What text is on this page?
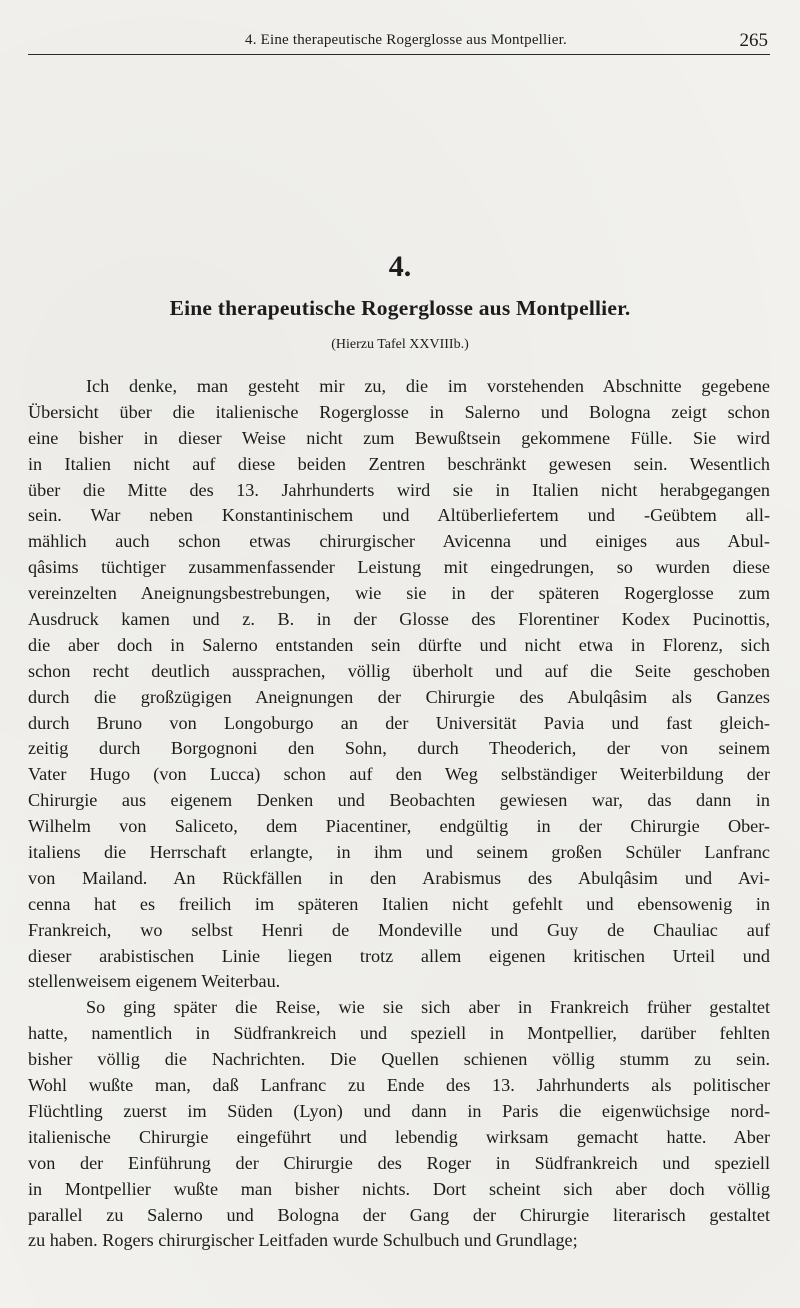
4. Eine therapeutische Rogerglosse aus Montpellier.	265
4.
Eine therapeutische Rogerglosse aus Montpellier.
(Hierzu Tafel XXVIIIb.)
Ich denke, man gesteht mir zu, die im vorstehenden Abschnitte gegebene
Übersicht über die italienische Rogerglosse in Salerno und Bologna zeigt schon
eine bisher in dieser Weise nicht zum Bewußtsein gekommene Fülle. Sie wird
in Italien nicht auf diese beiden Zentren beschränkt gewesen sein. Wesentlich
über die Mitte des 13. Jahrhunderts wird sie in Italien nicht herabgegangen
sein. War neben Konstantinischem und Altüberliefertem und -Geübtem all-
mählich auch schon etwas chirurgischer Avicenna und einiges aus Abul-
qâsims tüchtiger zusammenfassender Leistung mit eingedrungen, so wurden diese
vereinzelten Aneignungsbestrebungen, wie sie in der späteren Rogerglosse zum
Ausdruck kamen und z. B. in der Glosse des Florentiner Kodex Pucinottis,
die aber doch in Salerno entstanden sein dürfte und nicht etwa in Florenz, sich
schon recht deutlich aussprachen, völlig überholt und auf die Seite geschoben
durch die großzügigen Aneignungen der Chirurgie des Abulqâsim als Ganzes
durch Bruno von Longoburgo an der Universität Pavia und fast gleich-
zeitig durch Borgognoni den Sohn, durch Theoderich, der von seinem
Vater Hugo (von Lucca) schon auf den Weg selbständiger Weiterbildung der
Chirurgie aus eigenem Denken und Beobachten gewiesen war, das dann in
Wilhelm von Saliceto, dem Piacentiner, endgültig in der Chirurgie Ober-
italiens die Herrschaft erlangte, in ihm und seinem großen Schüler Lanfranc
von Mailand. An Rückfällen in den Arabismus des Abulqâsim und Avi-
cenna hat es freilich im späteren Italien nicht gefehlt und ebensowenig in
Frankreich, wo selbst Henri de Mondeville und Guy de Chauliac auf
dieser arabistischen Linie liegen trotz allem eigenen kritischen Urteil und
stellenweisem eigenem Weiterbau.
So ging später die Reise, wie sie sich aber in Frankreich früher gestaltet
hatte, namentlich in Südfrankreich und speziell in Montpellier, darüber fehlten
bisher völlig die Nachrichten. Die Quellen schienen völlig stumm zu sein.
Wohl wußte man, daß Lanfranc zu Ende des 13. Jahrhunderts als politischer
Flüchtling zuerst im Süden (Lyon) und dann in Paris die eigenwüchsige nord-
italienische Chirurgie eingeführt und lebendig wirksam gemacht hatte. Aber
von der Einführung der Chirurgie des Roger in Südfrankreich und speziell
in Montpellier wußte man bisher nichts. Dort scheint sich aber doch völlig
parallel zu Salerno und Bologna der Gang der Chirurgie literarisch gestaltet
zu haben. Rogers chirurgischer Leitfaden wurde Schulbuch und Grundlage;
